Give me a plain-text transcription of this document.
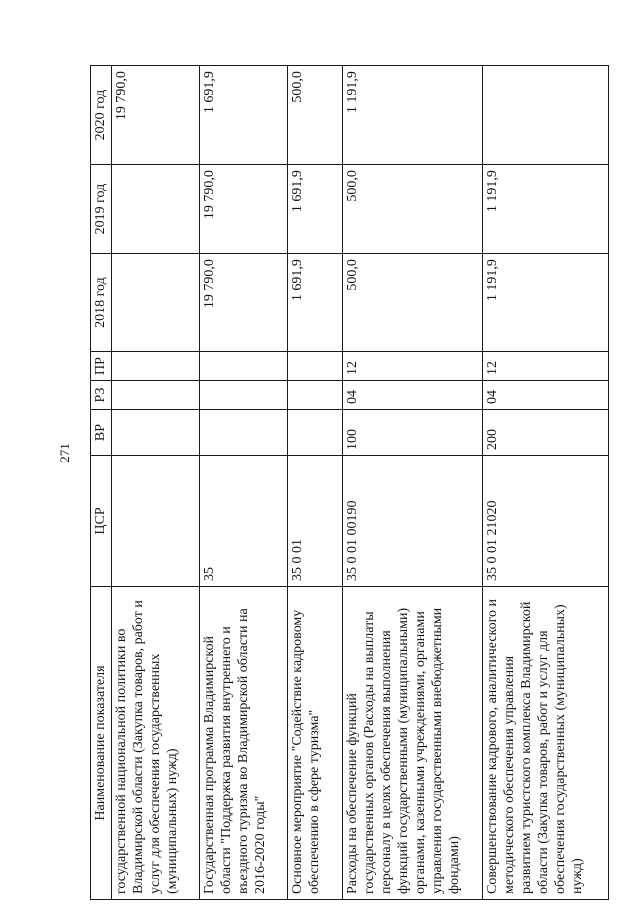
271
Наименование показателя	ЦСР	ВР	РЗ	ПР	2018 год	2019 год	2020 год
государственной национальной политики во Владимирской области (Закупка товаров, работ и услуг для обеспечения государственных (муниципальных) нужд)							19 790,0
Государственная программа Владимирской области "Поддержка развития внутреннего и въездного туризма во Владимирской области на 2016-2020 годы"	35				19 790,0	19 790,0	1 691,9
Основное мероприятие "Содействие кадровому обеспечению в сфере туризма"	35 0 01				1 691,9	1 691,9	500,0
Расходы на обеспечение функций государственных органов (Расходы на выплаты персоналу в целях обеспечения выполнения функций государственными (муниципальными) органами, казенными учреждениями, органами управления государственными внебюджетными фондами)	35 0 01 00190	100	04	12	500,0	500,0	1 191,9
Совершенствование кадрового, аналитического и методического обеспечения управления развитием туристского комплекса Владимирской области (Закупка товаров, работ и услуг для обеспечения государственных (муниципальных) нужд)	35 0 01 21020	200	04	12	1 191,9	1 191,9	
